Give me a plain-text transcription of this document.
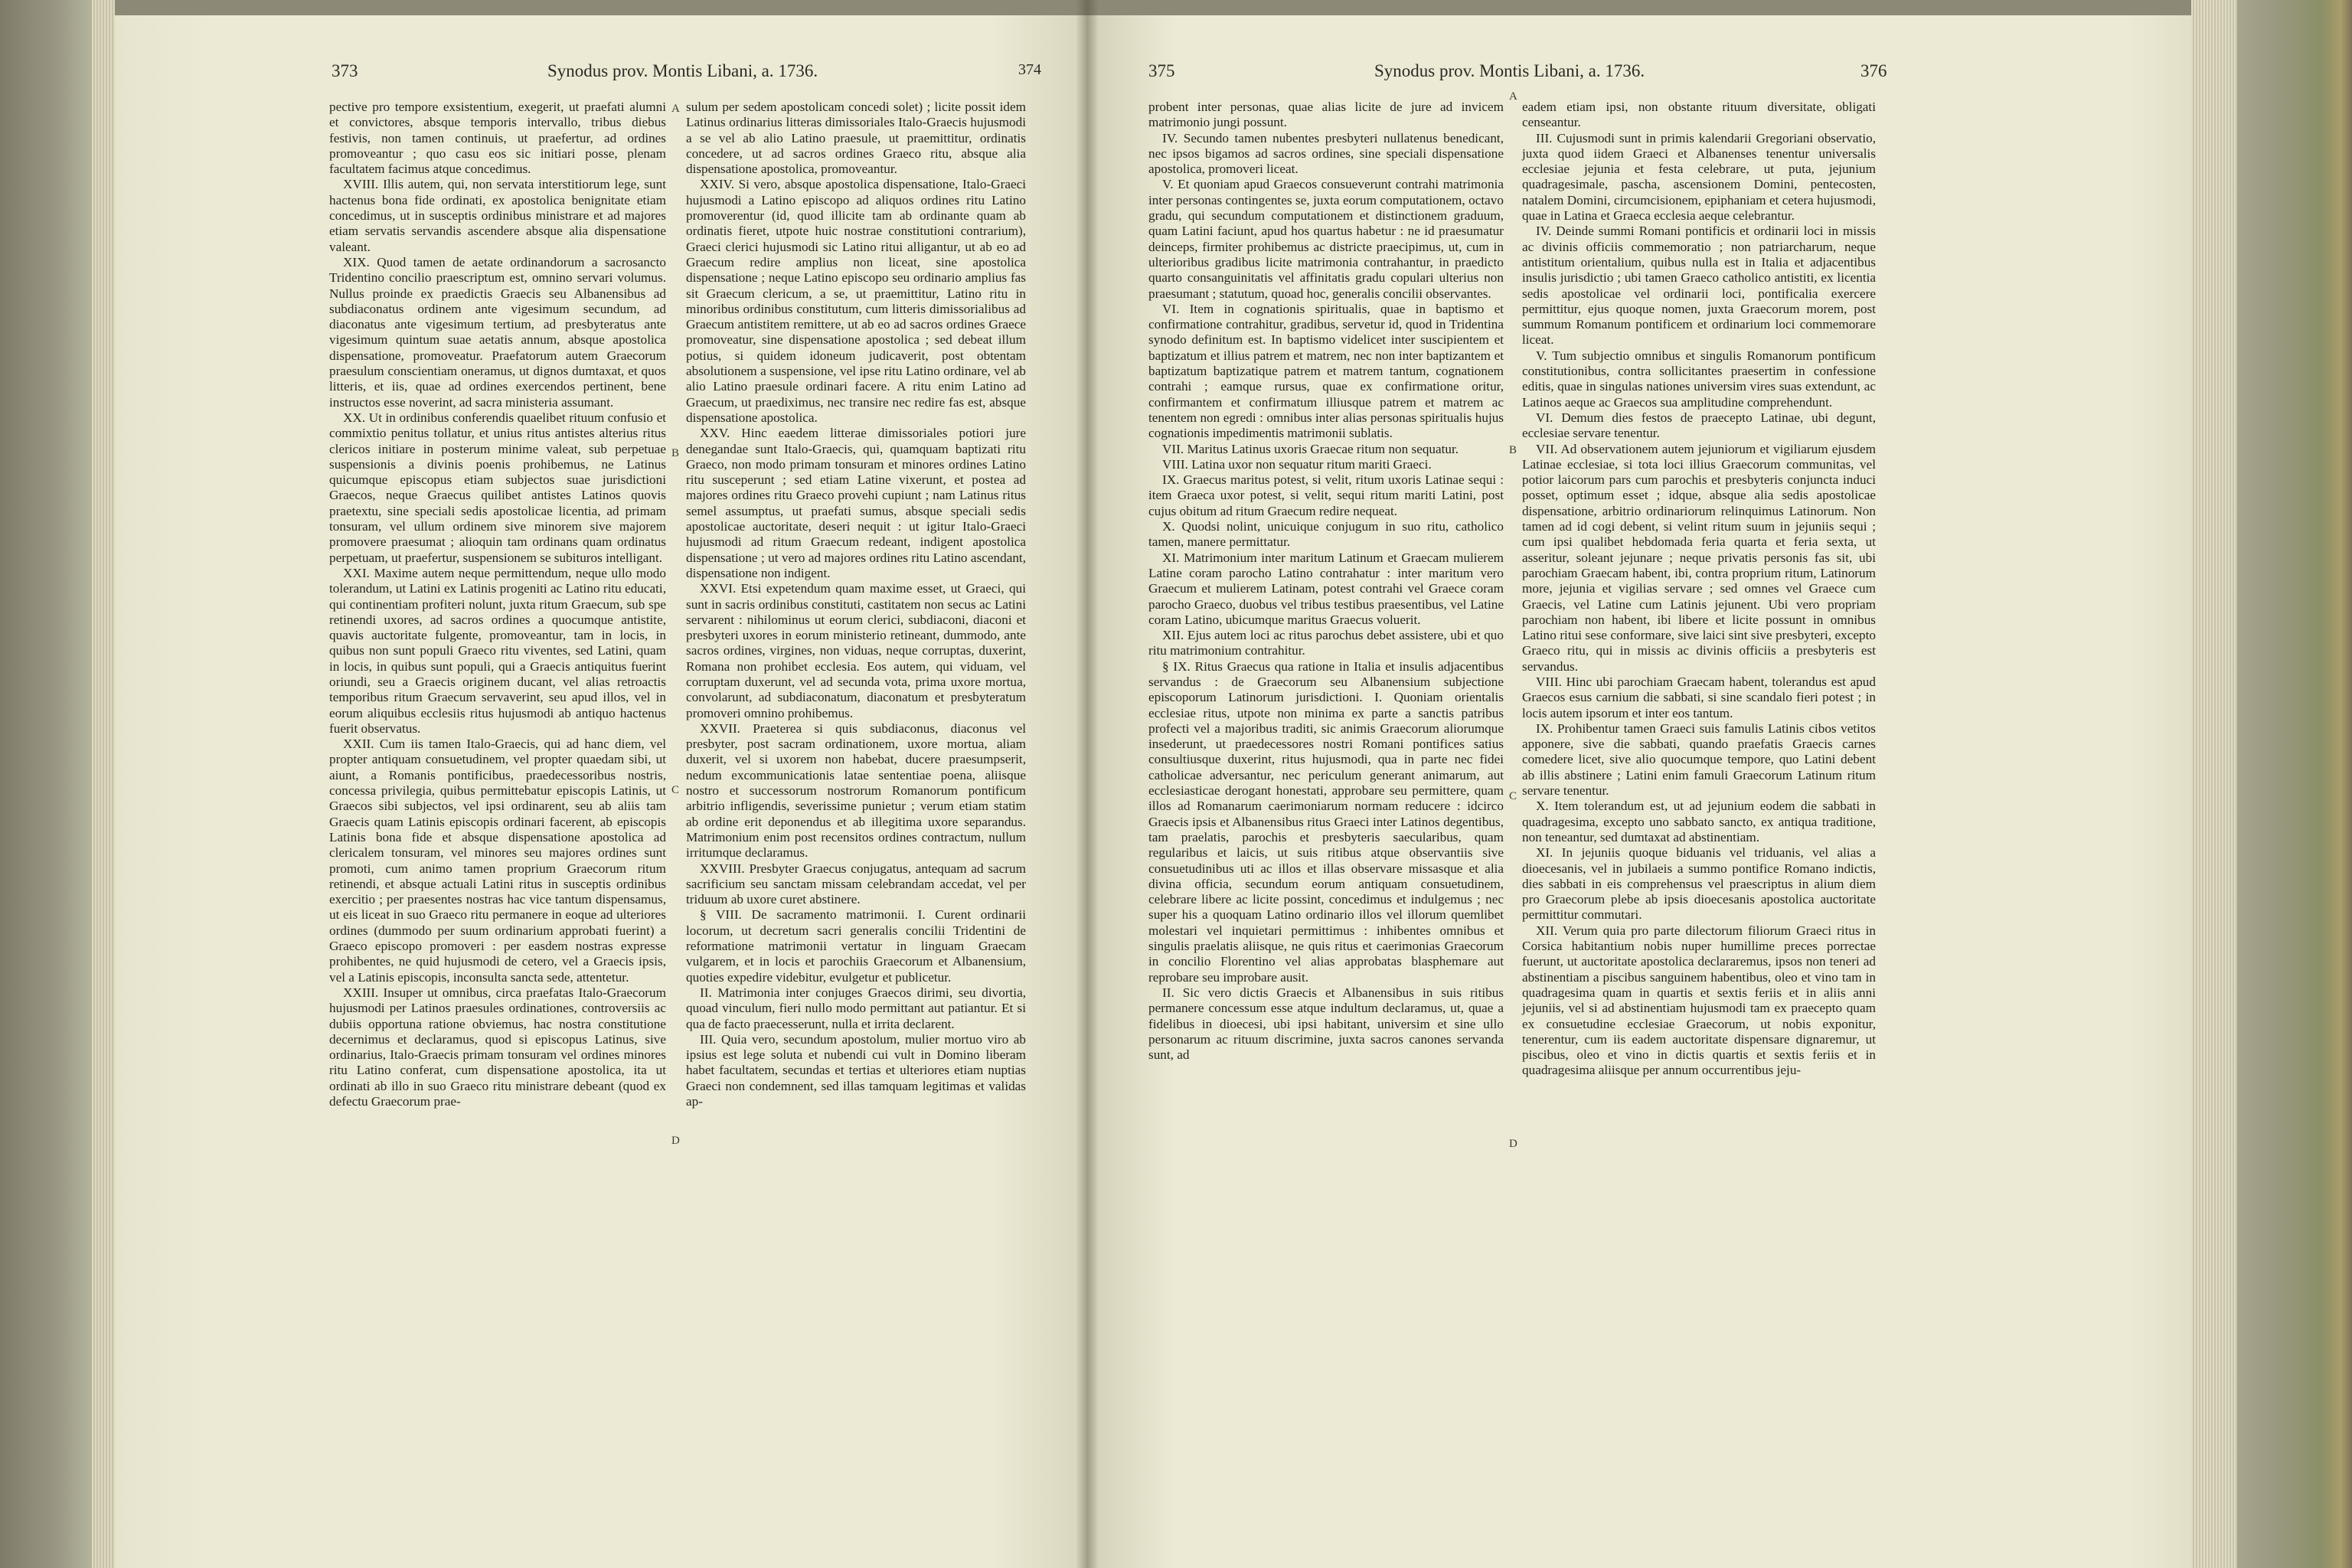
373	Synodus prov. Montis Libani, a. 1736.	374

pective pro tempore exsistentium, exegerit, ut praefati alumni et convictores, absque temporis intervallo, tribus diebus festivis, non tamen continuis, ut praefertur, ad ordines promoveantur ; quo casu eos sic initiari posse, plenam facultatem facimus atque concedimus.

XVIII. Illis autem, qui, non servata interstitiorum lege, sunt hactenus bona fide ordinati, ex apostolica benignitate etiam concedimus, ut in susceptis ordinibus ministrare et ad majores etiam servatis servandis ascendere absque alia dispensatione valeant.

XIX. Quod tamen de aetate ordinandorum a sacrosancto Tridentino concilio praescriptum est, omnino servari volumus. Nullus proinde ex praedictis Graecis seu Albanensibus ad subdiaconatus ordinem ante vigesimum secundum, ad diaconatus ante vigesimum tertium, ad presbyteratus ante vigesimum quintum suae aetatis annum, absque apostolica dispensatione, promoveatur. Praefatorum autem Graecorum praesulum conscientiam oneramus, ut dignos dumtaxat, et quos litteris, et iis, quae ad ordines exercendos pertinent, bene instructos esse noverint, ad sacra ministeria assumant.

XX. Ut in ordinibus conferendis quaelibet rituum confusio et commixtio penitus tollatur, et unius ritus antistes alterius ritus clericos initiare in posterum minime valeat, sub perpetuae suspensionis a divinis poenis prohibemus, ne Latinus quicumque episcopus etiam subjectos suae jurisdictioni Graecos, neque Graecus quilibet antistes Latinos quovis praetextu, sine speciali sedis apostolicae licentia, ad primam tonsuram, vel ullum ordinem sive minorem sive majorem promovere praesumat ; alioquin tam ordinans quam ordinatus perpetuam, ut praefertur, suspensionem se subituros intelligant.

XXI. Maxime autem neque permittendum, neque ullo modo tolerandum, ut Latini ex Latinis progeniti ac Latino ritu educati, qui continentiam profiteri nolunt, juxta ritum Graecum, sub spe retinendi uxores, ad sacros ordines a quocumque antistite, quavis auctoritate fulgente, promoveantur, tam in locis, in quibus non sunt populi Graeco ritu viventes, sed Latini, quam in locis, in quibus sunt populi, qui a Graecis antiquitus fuerint oriundi, seu a Graecis originem ducant, vel alias retroactis temporibus ritum Graecum servaverint, seu apud illos, vel in eorum aliquibus ecclesiis ritus hujusmodi ab antiquo hactenus fuerit observatus.

XXII. Cum iis tamen Italo-Graecis, qui ad hanc diem, vel propter antiquam consuetudinem, vel propter quaedam sibi, ut aiunt, a Romanis pontificibus, praedecessoribus nostris, concessa privilegia, quibus permittebatur episcopis Latinis, ut Graecos sibi subjectos, vel ipsi ordinarent, seu ab aliis tam Graecis quam Latinis episcopis ordinari facerent, ab episcopis Latinis bona fide et absque dispensatione apostolica ad clericalem tonsuram, vel minores seu majores ordines sunt promoti, cum animo tamen proprium Graecorum ritum retinendi, et absque actuali Latini ritus in susceptis ordinibus exercitio ; per praesentes nostras hac vice tantum dispensamus, ut eis liceat in suo Graeco ritu permanere in eoque ad ulteriores ordines (dummodo per suum ordinarium approbati fuerint) a Graeco episcopo promoveri : per easdem nostras expresse prohibentes, ne quid hujusmodi de cetero, vel a Graecis ipsis, vel a Latinis episcopis, inconsulta sancta sede, attentetur.

XXIII. Insuper ut omnibus, circa praefatas Italo-Graecorum hujusmodi per Latinos praesules ordinationes, controversiis ac dubiis opportuna ratione obviemus, hac nostra constitutione decernimus et declaramus, quod si episcopus Latinus, sive ordinarius, Italo-Graecis primam tonsuram vel ordines minores ritu Latino conferat, cum dispensatione apostolica, ita ut ordinati ab illo in suo Graeco ritu ministrare debeant (quod ex defectu Graecorum prae-

sulum per sedem apostolicam concedi solet) ; licite possit idem Latinus ordinarius litteras dimissoriales Italo-Graecis hujusmodi a se vel ab alio Latino praesule, ut praemittitur, ordinatis concedere, ut ad sacros ordines Graeco ritu, absque alia dispensatione apostolica, promoveantur.

XXIV. Si vero, absque apostolica dispensatione, Italo-Graeci hujusmodi a Latino episcopo ad aliquos ordines ritu Latino promoverentur (id, quod illicite tam ab ordinante quam ab ordinatis fieret, utpote huic nostrae constitutioni contrarium), Graeci clerici hujusmodi sic Latino ritui alligantur, ut ab eo ad Graecum redire amplius non liceat, sine apostolica dispensatione ; neque Latino episcopo seu ordinario amplius fas sit Graecum clericum, a se, ut praemittitur, Latino ritu in minoribus ordinibus constitutum, cum litteris dimissorialibus ad Graecum antistitem remittere, ut ab eo ad sacros ordines Graece promoveatur, sine dispensatione apostolica ; sed debeat illum potius, si quidem idoneum judicaverit, post obtentam absolutionem a suspensione, vel ipse ritu Latino ordinare, vel ab alio Latino praesule ordinari facere. A ritu enim Latino ad Graecum, ut praediximus, nec transire nec redire fas est, absque dispensatione apostolica.

XXV. Hinc eaedem litterae dimissoriales potiori jure denegandae sunt Italo-Graecis, qui, quamquam baptizati ritu Graeco, non modo primam tonsuram et minores ordines Latino ritu susceperunt ; sed etiam Latine vixerunt, et postea ad majores ordines ritu Graeco provehi cupiunt ; nam Latinus ritus semel assumptus, ut praefati sumus, absque speciali sedis apostolicae auctoritate, deseri nequit : ut igitur Italo-Graeci hujusmodi ad ritum Graecum redeant, indigent apostolica dispensatione ; ut vero ad majores ordines ritu Latino ascendant, dispensatione non indigent.

XXVI. Etsi expetendum quam maxime esset, ut Graeci, qui sunt in sacris ordinibus constituti, castitatem non secus ac Latini servarent : nihilominus ut eorum clerici, subdiaconi, diaconi et presbyteri uxores in eorum ministerio retineant, dummodo, ante sacros ordines, virgines, non viduas, neque corruptas, duxerint, Romana non prohibet ecclesia. Eos autem, qui viduam, vel corruptam duxerunt, vel ad secunda vota, prima uxore mortua, convolarunt, ad subdiaconatum, diaconatum et presbyteratum promoveri omnino prohibemus.

XXVII. Praeterea si quis subdiaconus, diaconus vel presbyter, post sacram ordinationem, uxore mortua, aliam duxerit, vel si uxorem non habebat, ducere praesumpserit, nedum excommunicationis latae sententiae poena, aliisque nostro et successorum nostrorum Romanorum pontificum arbitrio infligendis, severissime punietur ; verum etiam statim ab ordine erit deponendus et ab illegitima uxore separandus. Matrimonium enim post recensitos ordines contractum, nullum irritumque declaramus.

XXVIII. Presbyter Graecus conjugatus, antequam ad sacrum sacrificium seu sanctam missam celebrandam accedat, vel per triduum ab uxore curet abstinere.

§ VIII. De sacramento matrimonii. I. Curent ordinarii locorum, ut decretum sacri generalis concilii Tridentini de reformatione matrimonii vertatur in linguam Graecam vulgarem, et in locis et parochiis Graecorum et Albanensium, quoties expedire videbitur, evulgetur et publicetur.

II. Matrimonia inter conjuges Graecos dirimi, seu divortia, quoad vinculum, fieri nullo modo permittant aut patiantur. Et si qua de facto praecesserunt, nulla et irrita declarent.

III. Quia vero, secundum apostolum, mulier mortuo viro ab ipsius est lege soluta et nubendi cui vult in Domino liberam habet facultatem, secundas et tertias et ulteriores etiam nuptias Graeci non condemnent, sed illas tamquam legitimas et validas ap-

A
B
C
D
375	Synodus prov. Montis Libani, a. 1736.	376

probent inter personas, quae alias licite de jure ad invicem matrimonio jungi possunt.

IV. Secundo tamen nubentes presbyteri nullatenus benedicant, nec ipsos bigamos ad sacros ordines, sine speciali dispensatione apostolica, promoveri liceat.

V. Et quoniam apud Graecos consueverunt contrahi matrimonia inter personas contingentes se, juxta eorum computationem, octavo gradu, qui secundum computationem et distinctionem graduum, quam Latini faciunt, apud hos quartus habetur : ne id praesumatur deinceps, firmiter prohibemus ac districte praecipimus, ut, cum in ulterioribus gradibus licite matrimonia contrahantur, in praedicto quarto consanguinitatis vel affinitatis gradu copulari ulterius non praesumant ; statutum, quoad hoc, generalis concilii observantes.

VI. Item in cognationis spiritualis, quae in baptismo et confirmatione contrahitur, gradibus, servetur id, quod in Tridentina synodo definitum est. In baptismo videlicet inter suscipientem et baptizatum et illius patrem et matrem, nec non inter baptizantem et baptizatum baptizatique patrem et matrem tantum, cognationem contrahi ; eamque rursus, quae ex confirmatione oritur, confirmantem et confirmatum illiusque patrem et matrem ac tenentem non egredi : omnibus inter alias personas spiritualis hujus cognationis impedimentis matrimonii sublatis.

VII. Maritus Latinus uxoris Graecae ritum non sequatur.

VIII. Latina uxor non sequatur ritum mariti Graeci.

IX. Graecus maritus potest, si velit, ritum uxoris Latinae sequi : item Graeca uxor potest, si velit, sequi ritum mariti Latini, post cujus obitum ad ritum Graecum redire nequeat.

X. Quodsi nolint, unicuique conjugum in suo ritu, catholico tamen, manere permittatur.

XI. Matrimonium inter maritum Latinum et Graecam mulierem Latine coram parocho Latino contrahatur : inter maritum vero Graecum et mulierem Latinam, potest contrahi vel Graece coram parocho Graeco, duobus vel tribus testibus praesentibus, vel Latine coram Latino, ubicumque maritus Graecus voluerit.

XII. Ejus autem loci ac ritus parochus debet assistere, ubi et quo ritu matrimonium contrahitur.

§ IX. Ritus Graecus qua ratione in Italia et insulis adjacentibus servandus : de Graecorum seu Albanensium subjectione episcoporum Latinorum jurisdictioni. I. Quoniam orientalis ecclesiae ritus, utpote non minima ex parte a sanctis patribus profecti vel a majoribus traditi, sic animis Graecorum aliorumque insederunt, ut praedecessores nostri Romani pontifices satius consultiusque duxerint, ritus hujusmodi, qua in parte nec fidei catholicae adversantur, nec periculum generant animarum, aut ecclesiasticae derogant honestati, approbare seu permittere, quam illos ad Romanarum caerimoniarum normam reducere : idcirco Graecis ipsis et Albanensibus ritus Graeci inter Latinos degentibus, tam praelatis, parochis et presbyteris saecularibus, quam regularibus et laicis, ut suis ritibus atque observantiis sive consuetudinibus uti ac illos et illas observare missasque et alia divina officia, secundum eorum antiquam consuetudinem, celebrare libere ac licite possint, concedimus et indulgemus ; nec super his a quoquam Latino ordinario illos vel illorum quemlibet molestari vel inquietari permittimus : inhibentes omnibus et singulis praelatis aliisque, ne quis ritus et caerimonias Graecorum in concilio Florentino vel alias approbatas blasphemare aut reprobare seu improbare ausit.

II. Sic vero dictis Graecis et Albanensibus in suis ritibus permanere concessum esse atque indultum declaramus, ut, quae a fidelibus in dioecesi, ubi ipsi habitant, universim et sine ullo personarum ac rituum discrimine, juxta sacros canones servanda sunt, ad

eadem etiam ipsi, non obstante rituum diversitate, obligati censeantur.

III. Cujusmodi sunt in primis kalendarii Gregoriani observatio, juxta quod iidem Graeci et Albanenses tenentur universalis ecclesiae jejunia et festa celebrare, ut puta, jejunium quadragesimale, pascha, ascensionem Domini, pentecosten, natalem Domini, circumcisionem, epiphaniam et cetera hujusmodi, quae in Latina et Graeca ecclesia aeque celebrantur.

IV. Deinde summi Romani pontificis et ordinarii loci in missis ac divinis officiis commemoratio ; non patriarcharum, neque antistitum orientalium, quibus nulla est in Italia et adjacentibus insulis jurisdictio ; ubi tamen Graeco catholico antistiti, ex licentia sedis apostolicae vel ordinarii loci, pontificalia exercere permittitur, ejus quoque nomen, juxta Graecorum morem, post summum Romanum pontificem et ordinarium loci commemorare liceat.

V. Tum subjectio omnibus et singulis Romanorum pontificum constitutionibus, contra sollicitantes praesertim in confessione editis, quae in singulas nationes universim vires suas extendunt, ac Latinos aeque ac Graecos sua amplitudine comprehendunt.

VI. Demum dies festos de praecepto Latinae, ubi degunt, ecclesiae servare tenentur.

VII. Ad observationem autem jejuniorum et vigiliarum ejusdem Latinae ecclesiae, si tota loci illius Graecorum communitas, vel potior laicorum pars cum parochis et presbyteris conjuncta induci posset, optimum esset ; idque, absque alia sedis apostolicae dispensatione, arbitrio ordinariorum relinquimus Latinorum. Non tamen ad id cogi debent, si velint ritum suum in jejuniis sequi ; cum ipsi qualibet hebdomada feria quarta et feria sexta, ut asseritur, soleant jejunare ; neque privatis personis fas sit, ubi parochiam Graecam habent, ibi, contra proprium ritum, Latinorum more, jejunia et vigilias servare ; sed omnes vel Graece cum Graecis, vel Latine cum Latinis jejunent. Ubi vero propriam parochiam non habent, ibi libere et licite possunt in omnibus Latino ritui sese conformare, sive laici sint sive presbyteri, excepto Graeco ritu, qui in missis ac divinis officiis a presbyteris est servandus.

VIII. Hinc ubi parochiam Graecam habent, tolerandus est apud Graecos esus carnium die sabbati, si sine scandalo fieri potest ; in locis autem ipsorum et inter eos tantum.

IX. Prohibentur tamen Graeci suis famulis Latinis cibos vetitos apponere, sive die sabbati, quando praefatis Graecis carnes comedere licet, sive alio quocumque tempore, quo Latini debent ab illis abstinere ; Latini enim famuli Graecorum Latinum ritum servare tenentur.

X. Item tolerandum est, ut ad jejunium eodem die sabbati in quadragesima, excepto uno sabbato sancto, ex antiqua traditione, non teneantur, sed dumtaxat ad abstinentiam.

XI. In jejuniis quoque biduanis vel triduanis, vel alias a dioecesanis, vel in jubilaeis a summo pontifice Romano indictis, dies sabbati in eis comprehensus vel praescriptus in alium diem pro Graecorum plebe ab ipsis dioecesanis apostolica auctoritate permittitur commutari.

XII. Verum quia pro parte dilectorum filiorum Graeci ritus in Corsica habitantium nobis nuper humillime preces porrectae fuerunt, ut auctoritate apostolica declararemus, ipsos non teneri ad abstinentiam a piscibus sanguinem habentibus, oleo et vino tam in quadragesima quam in quartis et sextis feriis et in aliis anni jejuniis, vel si ad abstinentiam hujusmodi tam ex praecepto quam ex consuetudine ecclesiae Graecorum, ut nobis exponitur, tenerentur, cum iis eadem auctoritate dispensare dignaremur, ut piscibus, oleo et vino in dictis quartis et sextis feriis et in quadragesima aliisque per annum occurrentibus jeju-

A
B
C
D
